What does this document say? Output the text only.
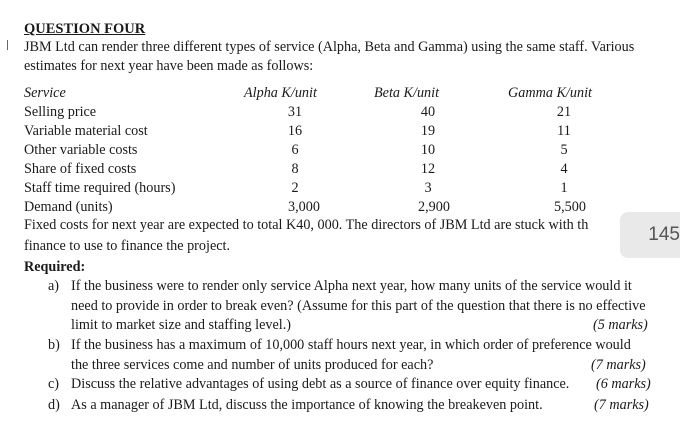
QUESTION FOUR
JBM Ltd can render three different types of service (Alpha, Beta and Gamma) using the same staff. Various
estimates for next year have been made as follows:
Service	Alpha K/unit	Beta K/unit	Gamma K/unit
Selling price	31	40	21
Variable material cost	16	19	11
Other variable costs	6	10	5
Share of fixed costs	8	12	4
Staff time required (hours)	2	3	1
Demand (units)	3,000	2,900	5,500
Fixed costs for next year are expected to total K40, 000. The directors of JBM Ltd are stuck with th
finance to use to finance the project.
Required:
a) If the business were to render only service Alpha next year, how many units of the service would it
need to provide in order to break even? (Assume for this part of the question that there is no effective
limit to market size and staffing level.)	(5 marks)
b) If the business has a maximum of 10,000 staff hours next year, in which order of preference would
the three services come and number of units produced for each?	(7 marks)
c) Discuss the relative advantages of using debt as a source of finance over equity finance. (6 marks)
d) As a manager of JBM Ltd, discuss the importance of knowing the breakeven point.	(7 marks)
145
